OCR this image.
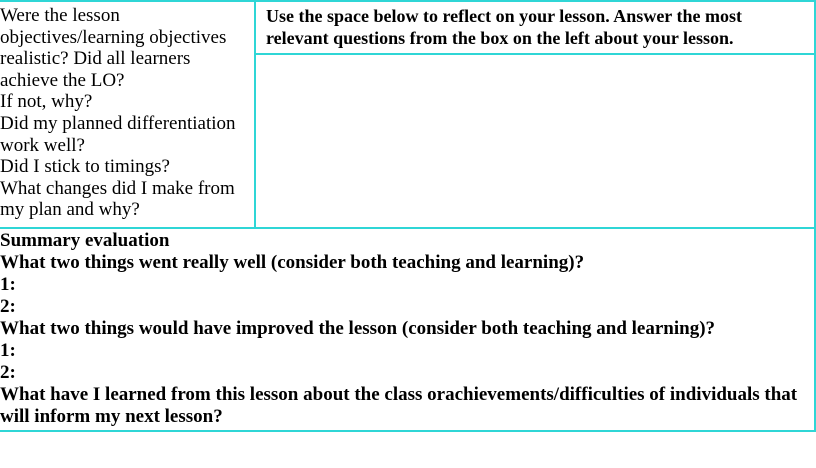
Were the lesson
objectives/learning objectives
realistic? Did all learners
achieve the LO?
If not, why?
Did my planned differentiation
work well?
Did I stick to timings?
What changes did I make from
my plan and why?

Use the space below to reflect on your lesson. Answer the most
relevant questions from the box on the left about your lesson.

Summary evaluation
What two things went really well (consider both teaching and learning)?
1:
2:
What two things would have improved the lesson (consider both teaching and learning)?
1:
2:
What have I learned from this lesson about the class orachievements/difficulties of individuals that
will inform my next lesson?
